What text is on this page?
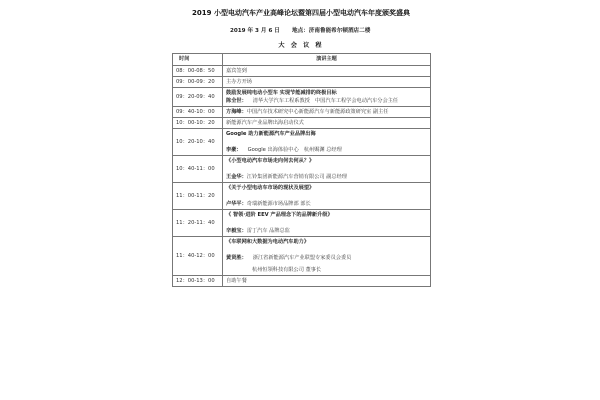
2019 小型电动汽车产业高峰论坛暨第四届小型电动汽车年度颁奖盛典
2019 年 3 月 6 日 地点：济南鲁能希尔顿酒店二楼
大 会 议 程
时间	演讲主题
08：00-08：50	嘉宾签到

09：00-09：20	主办方开场

09：20-09：40	鼓励发展纯电动小型车 实现节能减排的终极目标
陈全世： 清华大学汽车工程系教授　中国汽车工程学会电动汽车分会主任

09：40-10：00	方海峰：中国汽车技术研究中心新能源汽车与新能源政策研究室 副主任

10：00-10：20	新能源汽车产业品牌出海启动仪式

10：20-10：40	Google 助力新能源汽车产业品牌出海
李豪： Google 出海体验中心　杭州赐渊 总经理

10：40-11：00	《小型电动汽车市场走向何去何从？》
王金华：江铃集团新能源汽车营销有限公司 副总经理

11：00-11：20	《关于小型电动车市场的现状及展望》
卢华平：奇瑞新能源市场品牌部 部长

11：20-11：40	《 智领·进阶 EEV 产品理念下的品牌新升级》
辛毅宝：雷丁汽车 品牌总监

11：40-12：00	《车联网和大数据为电动汽车助力》
黄贤胜： 浙江省新能源汽车产业联盟专家委员会委员
杭州恒领科技有限公司 董事长

12：00-13：00	自助午餐
